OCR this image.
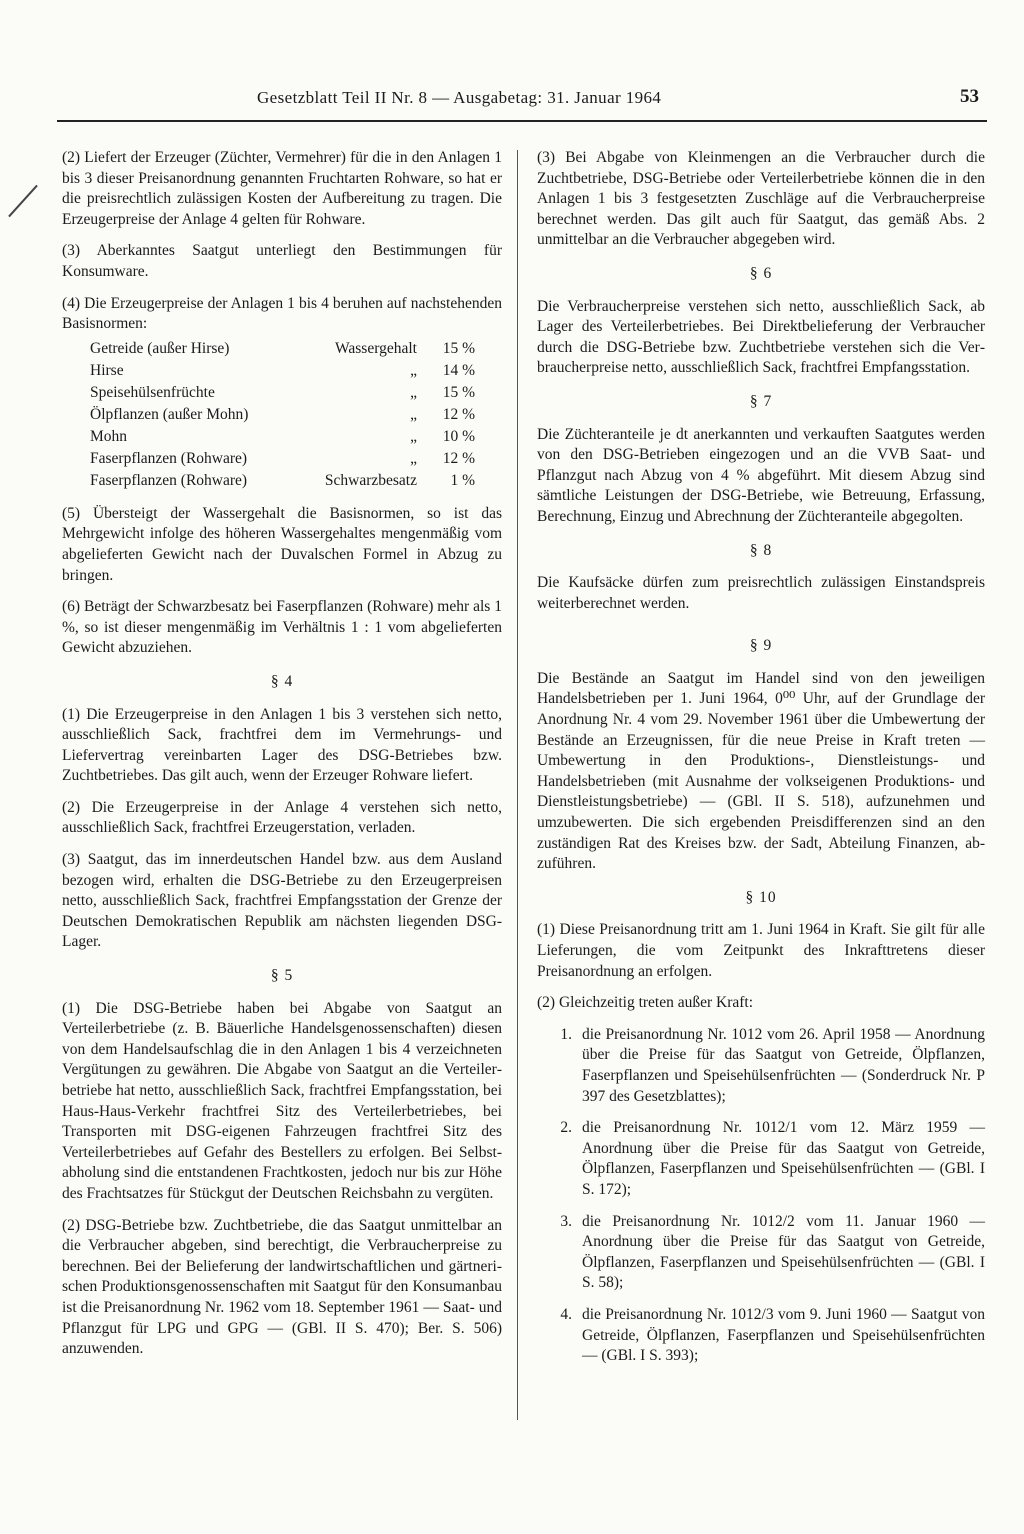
Gesetzblatt Teil II Nr. 8 — Ausgabetag: 31. Januar 1964	53

(2) Liefert der Erzeuger (Züchter, Vermehrer) für die in den Anlagen 1 bis 3 dieser Preisanordnung genannten Fruchtarten Rohware, so hat er die preisrechtlich zulässigen Kosten der Aufbereitung zu tragen. Die Erzeugerpreise der Anlage 4 gelten für Rohware.

(3) Aberkanntes Saatgut unterliegt den Bestimmungen für Konsumware.

(4) Die Erzeugerpreise der Anlagen 1 bis 4 beruhen auf nachstehenden Basisnormen:

Getreide (außer Hirse)	Wassergehalt	15 %
Hirse	„	14 %
Speisehülsenfrüchte	„	15 %
Ölpflanzen (außer Mohn)	„	12 %
Mohn	„	10 %
Faserpflanzen (Rohware)	„	12 %
Faserpflanzen (Rohware)	Schwarzbesatz	1 %

(5) Übersteigt der Wassergehalt die Basisnormen, so ist das Mehrgewicht infolge des höheren Wassergehaltes mengenmäßig vom abgelieferten Gewicht nach der Duvalschen Formel in Abzug zu bringen.

(6) Beträgt der Schwarzbesatz bei Faserpflanzen (Rohware) mehr als 1 %, so ist dieser mengenmäßig im Verhältnis 1 : 1 vom abgelieferten Gewicht abzuziehen.

§ 4

(1) Die Erzeugerpreise in den Anlagen 1 bis 3 verstehen sich netto, ausschließlich Sack, frachtfrei dem im Vermehrungs- und Liefervertrag vereinbarten Lager des DSG-Betriebes bzw. Zuchtbetriebes. Das gilt auch, wenn der Erzeuger Rohware liefert.

(2) Die Erzeugerpreise in der Anlage 4 verstehen sich netto, ausschließlich Sack, frachtfrei Erzeugerstation, verladen.

(3) Saatgut, das im innerdeutschen Handel bzw. aus dem Ausland bezogen wird, erhalten die DSG-Betriebe zu den Erzeugerpreisen netto, ausschließlich Sack, frachtfrei Empfangsstation der Grenze der Deutschen Demokratischen Republik am nächsten liegenden DSG-Lager.

§ 5

(1) Die DSG-Betriebe haben bei Abgabe von Saatgut an Verteilerbetriebe (z. B. Bäuerliche Handelsgenossenschaften) diesen von dem Handelsaufschlag die in den Anlagen 1 bis 4 verzeichneten Vergütungen zu gewähren. Die Abgabe von Saatgut an die Verteilerbetriebe hat netto, ausschließlich Sack, frachtfrei Empfangsstation, bei Haus-Haus-Verkehr frachtfrei Sitz des Verteilerbetriebes, bei Transporten mit DSG-eigenen Fahrzeugen frachtfrei Sitz des Verteilerbetriebes auf Gefahr des Bestellers zu erfolgen. Bei Selbstabholung sind die entstandenen Frachtkosten, jedoch nur bis zur Höhe des Frachtsatzes für Stückgut der Deutschen Reichsbahn zu vergüten.

(2) DSG-Betriebe bzw. Zuchtbetriebe, die das Saatgut unmittelbar an die Verbraucher abgeben, sind berechtigt, die Verbraucherpreise zu berechnen. Bei der Belieferung der landwirtschaftlichen und gärtnerischen Produktionsgenossenschaften mit Saatgut für den Konsumanbau ist die Preisanordnung Nr. 1962 vom 18. September 1961 — Saat- und Pflanzgut für LPG und GPG — (GBl. II S. 470); Ber. S. 506) anzuwenden.

(3) Bei Abgabe von Kleinmengen an die Verbraucher durch die Zuchtbetriebe, DSG-Betriebe oder Verteilerbetriebe können die in den Anlagen 1 bis 3 festgesetzten Zuschläge auf die Verbraucherpreise berechnet werden. Das gilt auch für Saatgut, das gemäß Abs. 2 unmittelbar an die Verbraucher abgegeben wird.

§ 6

Die Verbraucherpreise verstehen sich netto, ausschließlich Sack, ab Lager des Verteilerbetriebes. Bei Direktbelieferung der Verbraucher durch die DSG-Betriebe bzw. Zuchtbetriebe verstehen sich die Verbraucherpreise netto, ausschließlich Sack, frachtfrei Empfangsstation.

§ 7

Die Züchteranteile je dt anerkannten und verkauften Saatgutes werden von den DSG-Betrieben eingezogen und an die VVB Saat- und Pflanzgut nach Abzug von 4 % abgeführt. Mit diesem Abzug sind sämtliche Leistungen der DSG-Betriebe, wie Betreuung, Erfassung, Berechnung, Einzug und Abrechnung der Züchteranteile abgegolten.

§ 8

Die Kaufsäcke dürfen zum preisrechtlich zulässigen Einstandspreis weiterberechnet werden.

§ 9

Die Bestände an Saatgut im Handel sind von den jeweiligen Handelsbetrieben per 1. Juni 1964, 0⁰⁰ Uhr, auf der Grundlage der Anordnung Nr. 4 vom 29. November 1961 über die Umbewertung der Bestände an Erzeugnissen, für die neue Preise in Kraft treten — Umbewertung in den Produktions-, Dienstleistungs- und Handelsbetrieben (mit Ausnahme der volkseigenen Produktions- und Dienstleistungsbetriebe) — (GBl. II S. 518), aufzunehmen und umzubewerten. Die sich ergebenden Preisdifferenzen sind an den zuständigen Rat des Kreises bzw. der Sadt, Abteilung Finanzen, abzuführen.

§ 10

(1) Diese Preisanordnung tritt am 1. Juni 1964 in Kraft. Sie gilt für alle Lieferungen, die vom Zeitpunkt des Inkrafttretens dieser Preisanordnung an erfolgen.

(2) Gleichzeitig treten außer Kraft:

1. die Preisanordnung Nr. 1012 vom 26. April 1958 — Anordnung über die Preise für das Saatgut von Getreide, Ölpflanzen, Faserpflanzen und Speisehülsenfrüchten — (Sonderdruck Nr. P 397 des Gesetzblattes);
2. die Preisanordnung Nr. 1012/1 vom 12. März 1959 — Anordnung über die Preise für das Saatgut von Getreide, Ölpflanzen, Faserpflanzen und Speisehülsenfrüchten — (GBl. I S. 172);
3. die Preisanordnung Nr. 1012/2 vom 11. Januar 1960 — Anordnung über die Preise für das Saatgut von Getreide, Ölpflanzen, Faserpflanzen und Speisehülsenfrüchten — (GBl. I S. 58);
4. die Preisanordnung Nr. 1012/3 vom 9. Juni 1960 — Saatgut von Getreide, Ölpflanzen, Faserpflanzen und Speisehülsenfrüchten — (GBl. I S. 393);
